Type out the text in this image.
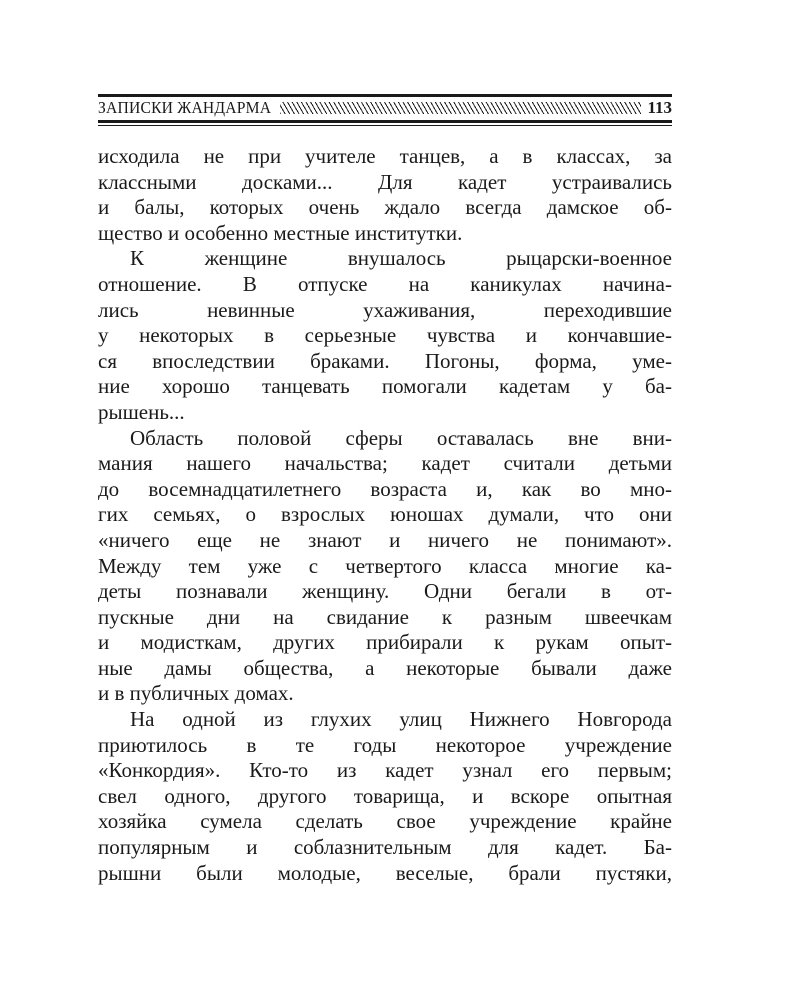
ЗАПИСКИ ЖАНДАРМА	113
исходила не при учителе танцев, а в классах, за
классными досками... Для кадет устраивались
и балы, которых очень ждало всегда дамское об-
щество и особенно местные институтки.
К женщине внушалось рыцарски-военное
отношение. В отпуске на каникулах начина-
лись невинные ухаживания, переходившие
у некоторых в серьезные чувства и кончавшие-
ся впоследствии браками. Погоны, форма, уме-
ние хорошо танцевать помогали кадетам у ба-
рышень...
Область половой сферы оставалась вне вни-
мания нашего начальства; кадет считали детьми
до восемнадцатилетнего возраста и, как во мно-
гих семьях, о взрослых юношах думали, что они
«ничего еще не знают и ничего не понимают».
Между тем уже с четвертого класса многие ка-
деты познавали женщину. Одни бегали в от-
пускные дни на свидание к разным швеечкам
и модисткам, других прибирали к рукам опыт-
ные дамы общества, а некоторые бывали даже
и в публичных домах.
На одной из глухих улиц Нижнего Новгорода
приютилось в те годы некоторое учреждение
«Конкордия». Кто-то из кадет узнал его первым;
свел одного, другого товарища, и вскоре опытная
хозяйка сумела сделать свое учреждение крайне
популярным и соблазнительным для кадет. Ба-
рышни были молодые, веселые, брали пустяки,
